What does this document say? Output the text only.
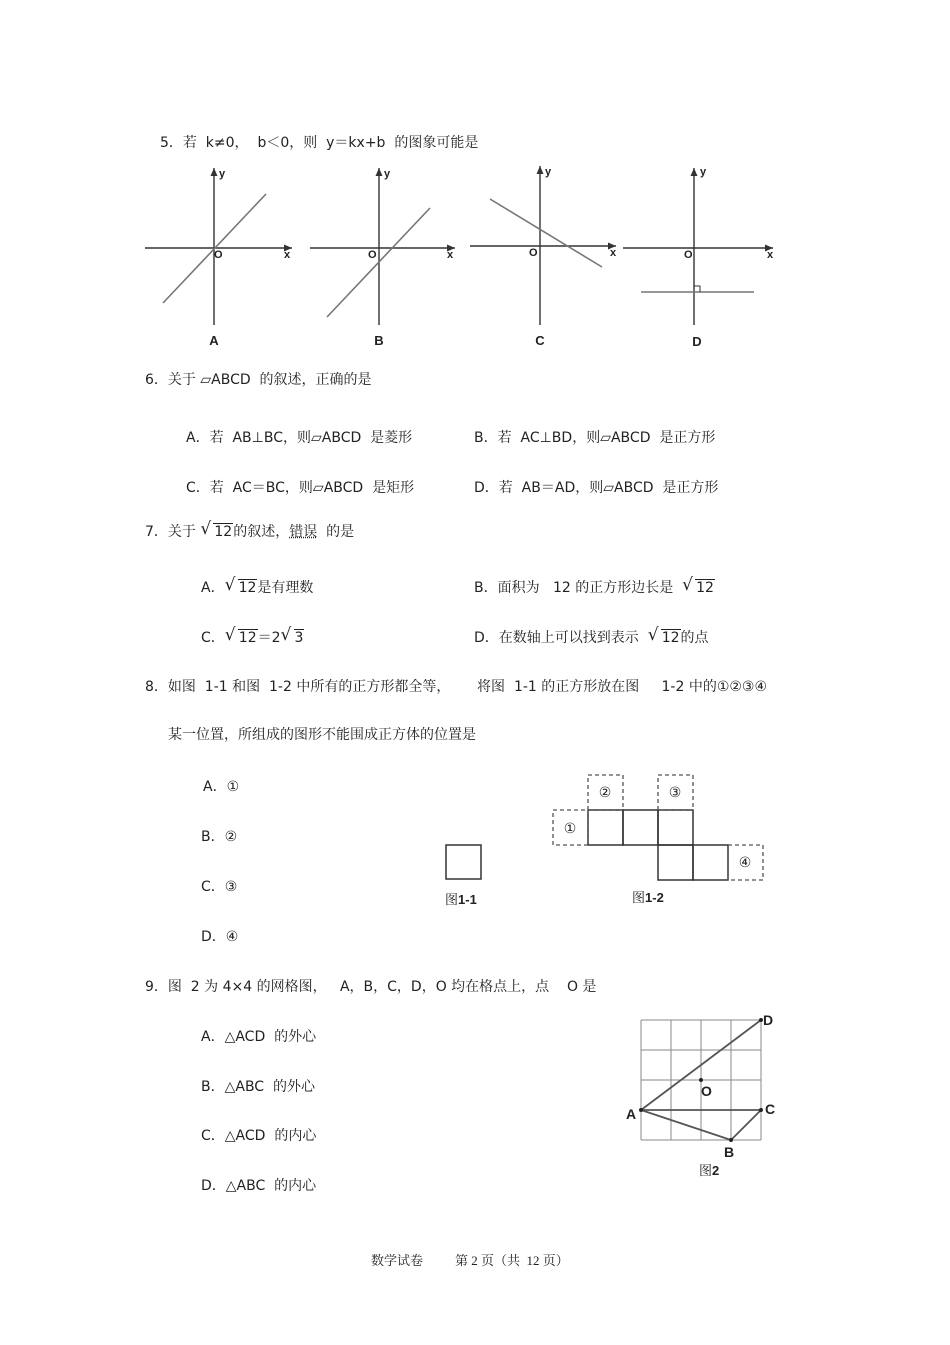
5．若  k≠0，  b＜0，则  y＝kx+b  的图象可能是
y	y	y	y
x	x	x	x
O	O	O	O
A	B	C	D
6．关于 ▱ABCD  的叙述，正确的是
A．若  AB⊥BC，则▱ABCD  是菱形	B．若  AC⊥BD，则▱ABCD  是正方形
C．若  AC＝BC，则▱ABCD  是矩形	D．若  AB＝AD，则▱ABCD  是正方形
7．关于 √ 12的叙述，错误 的是
A． √ 12是有理数	B．面积为   12 的正方形边长是 √ 12
C． √ 12＝2 √ 3	D．在数轴上可以找到表示 √ 12的点
8．如图  1-1 和图  1-2 中所有的正方形都全等，      将图  1-1 的正方形放在图     1-2 中的①②③④
某一位置，所组成的图形不能围成正方体的位置是
A．①
B．②
C．③
D．④
①
②	③
④
图1-1	图1-2
9．图  2 为 4×4 的网格图，   A，B，C，D，O 均在格点上，点    O 是
A．△ACD  的外心
B．△ABC  的外心
C．△ACD  的内心
D．△ABC  的内心
A
B
C
D
O
图2
数学试卷 第 2 页（共  12 页）
